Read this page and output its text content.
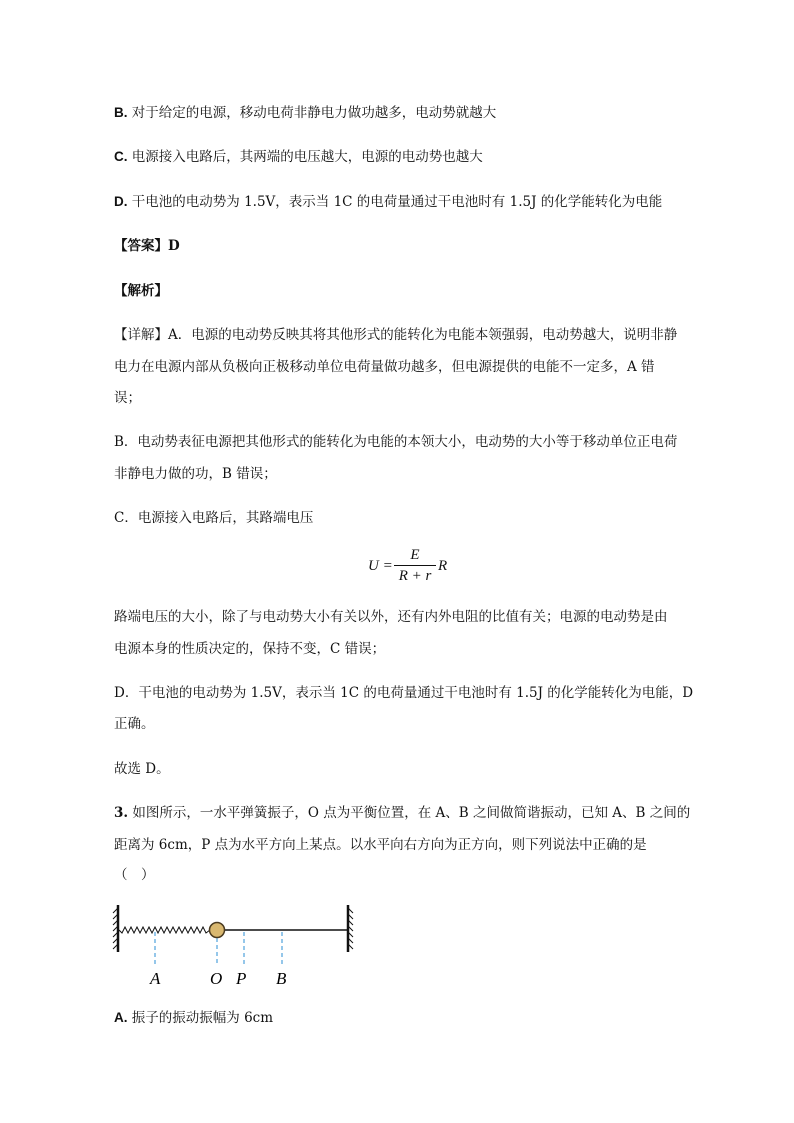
B. 对于给定的电源，移动电荷非静电力做功越多，电动势就越大
C. 电源接入电路后，其两端的电压越大，电源的电动势也越大
D. 干电池的电动势为 1.5V，表示当 1C 的电荷量通过干电池时有 1.5J 的化学能转化为电能
【答案】D
【解析】
【详解】A．电源的电动势反映其将其他形式的能转化为电能本领强弱，电动势越大，说明非静
电力在电源内部从负极向正极移动单位电荷量做功越多，但电源提供的电能不一定多，A 错
误；
B．电动势表征电源把其他形式的能转化为电能的本领大小，电动势的大小等于移动单位正电荷
非静电力做的功，B 错误；
C．电源接入电路后，其路端电压
U =
E
R + r
R
路端电压的大小，除了与电动势大小有关以外，还有内外电阻的比值有关；电源的电动势是由
电源本身的性质决定的，保持不变，C 错误；
D．干电池的电动势为 1.5V，表示当 1C 的电荷量通过干电池时有 1.5J 的化学能转化为电能，D
正确。
故选 D。
3. 如图所示，一水平弹簧振子，O 点为平衡位置，在 A、B 之间做简谐振动，已知 A、B 之间的
距离为 6cm，P 点为水平方向上某点。以水平向右方向为正方向，则下列说法中正确的是
（　）
A	O P B
A. 振子的振动振幅为 6cm
